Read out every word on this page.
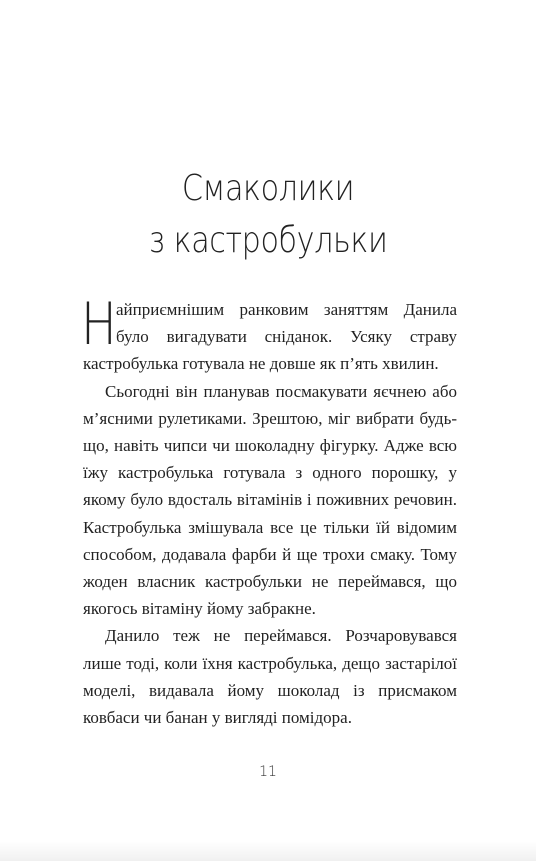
Смаколики
з кастробульки

Найприємнішим ранковим заняттям Данила було вигадувати сніданок. Усяку страву кастробулька готувала не довше як п’ять хвилин.

Сьогодні він планував посмакувати яєчнею або м’ясними рулетиками. Зрештою, міг вибрати будь-що, навіть чипси чи шоколадну фігурку. Адже всю їжу кастробулька готувала з одного порошку, у якому було вдосталь вітамінів і поживних речовин. Кастробулька змішувала все це тільки їй відомим способом, додавала фарби й ще трохи смаку. Тому жоден власник кастробульки не переймався, що якогось вітаміну йому забракне.

Данило теж не переймався. Розчаровувався лише тоді, коли їхня кастробулька, дещо застарілої моделі, видавала йому шоколад із присмаком ковбаси чи банан у вигляді помідора.

11
